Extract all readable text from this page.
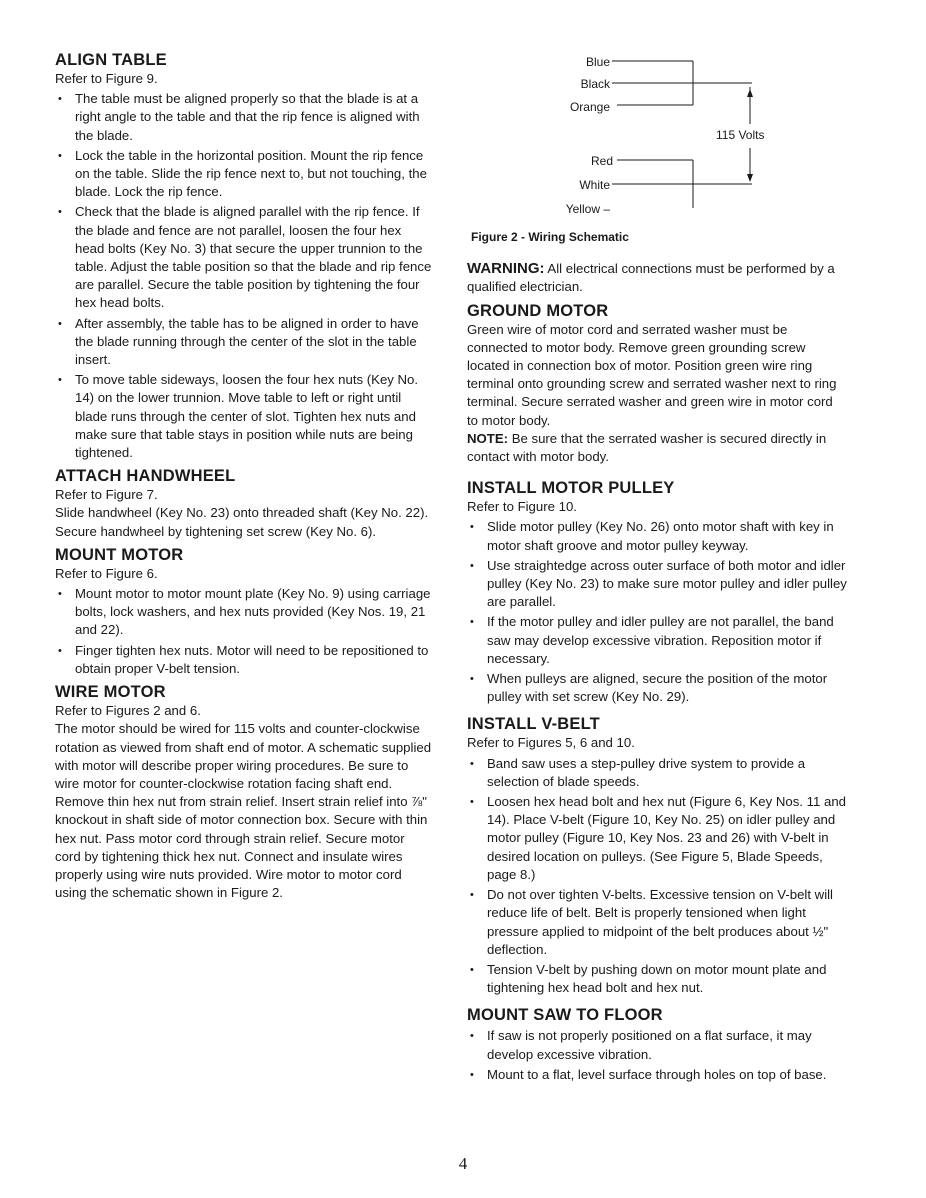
ALIGN TABLE

Refer to Figure 9.

• The table must be aligned properly so that the blade is at a right angle to the table and that the rip fence is aligned with the blade.
• Lock the table in the horizontal position. Mount the rip fence on the table. Slide the rip fence next to, but not touching, the blade. Lock the rip fence.
• Check that the blade is aligned parallel with the rip fence. If the blade and fence are not parallel, loosen the four hex head bolts (Key No. 3) that secure the upper trunnion to the table. Adjust the table position so that the blade and rip fence are parallel. Secure the table position by tightening the four hex head bolts.
• After assembly, the table has to be aligned in order to have the blade running through the center of the slot in the table insert.
• To move table sideways, loosen the four hex nuts (Key No. 14) on the lower trunnion. Move table to left or right until blade runs through the center of slot. Tighten hex nuts and make sure that table stays in position while nuts are being tightened.
ATTACH HANDWHEEL

Refer to Figure 7.

Slide handwheel (Key No. 23) onto threaded shaft (Key No. 22). Secure handwheel by tightening set screw (Key No. 6).

MOUNT MOTOR

Refer to Figure 6.

• Mount motor to motor mount plate (Key No. 9) using carriage bolts, lock washers, and hex nuts provided (Key Nos. 19, 21 and 22).
• Finger tighten hex nuts. Motor will need to be repositioned to obtain proper V-belt tension.
WIRE MOTOR

Refer to Figures 2 and 6.

The motor should be wired for 115 volts and counter-clockwise rotation as viewed from shaft end of motor. A schematic supplied with motor will describe proper wiring procedures. Be sure to wire motor for counter-clockwise rotation facing shaft end.

Remove thin hex nut from strain relief. Insert strain relief into ⅞" knockout in shaft side of motor connection box. Secure with thin hex nut. Pass motor cord through strain relief. Secure motor cord by tightening thick hex nut. Connect and insulate wires properly using wire nuts provided. Wire motor to motor cord using the schematic shown in Figure 2.

Blue
Black
Orange
Red
White
Yellow –
115 Volts
Figure 2 - Wiring Schematic

WARNING: All electrical connections must be performed by a qualified electrician.

GROUND MOTOR

Green wire of motor cord and serrated washer must be connected to motor body. Remove green grounding screw located in connection box of motor. Position green wire ring terminal onto grounding screw and serrated washer next to ring terminal. Secure serrated washer and green wire in motor cord to motor body.

NOTE: Be sure that the serrated washer is secured directly in contact with motor body.

INSTALL MOTOR PULLEY

Refer to Figure 10.

• Slide motor pulley (Key No. 26) onto motor shaft with key in motor shaft groove and motor pulley keyway.
• Use straightedge across outer surface of both motor and idler pulley (Key No. 23) to make sure motor pulley and idler pulley are parallel.
• If the motor pulley and idler pulley are not parallel, the band saw may develop excessive vibration. Reposition motor if necessary.
• When pulleys are aligned, secure the position of the motor pulley with set screw (Key No. 29).
INSTALL V-BELT

Refer to Figures 5, 6 and 10.

• Band saw uses a step-pulley drive system to provide a selection of blade speeds.
• Loosen hex head bolt and hex nut (Figure 6, Key Nos. 11 and 14). Place V-belt (Figure 10, Key No. 25) on idler pulley and motor pulley (Figure 10, Key Nos. 23 and 26) with V-belt in desired location on pulleys. (See Figure 5, Blade Speeds, page 8.)
• Do not over tighten V-belts. Excessive tension on V-belt will reduce life of belt. Belt is properly tensioned when light pressure applied to midpoint of the belt produces about ½" deflection.
• Tension V-belt by pushing down on motor mount plate and tightening hex head bolt and hex nut.
MOUNT SAW TO FLOOR
• If saw is not properly positioned on a flat surface, it may develop excessive vibration.
• Mount to a flat, level surface through holes on top of base.
4
